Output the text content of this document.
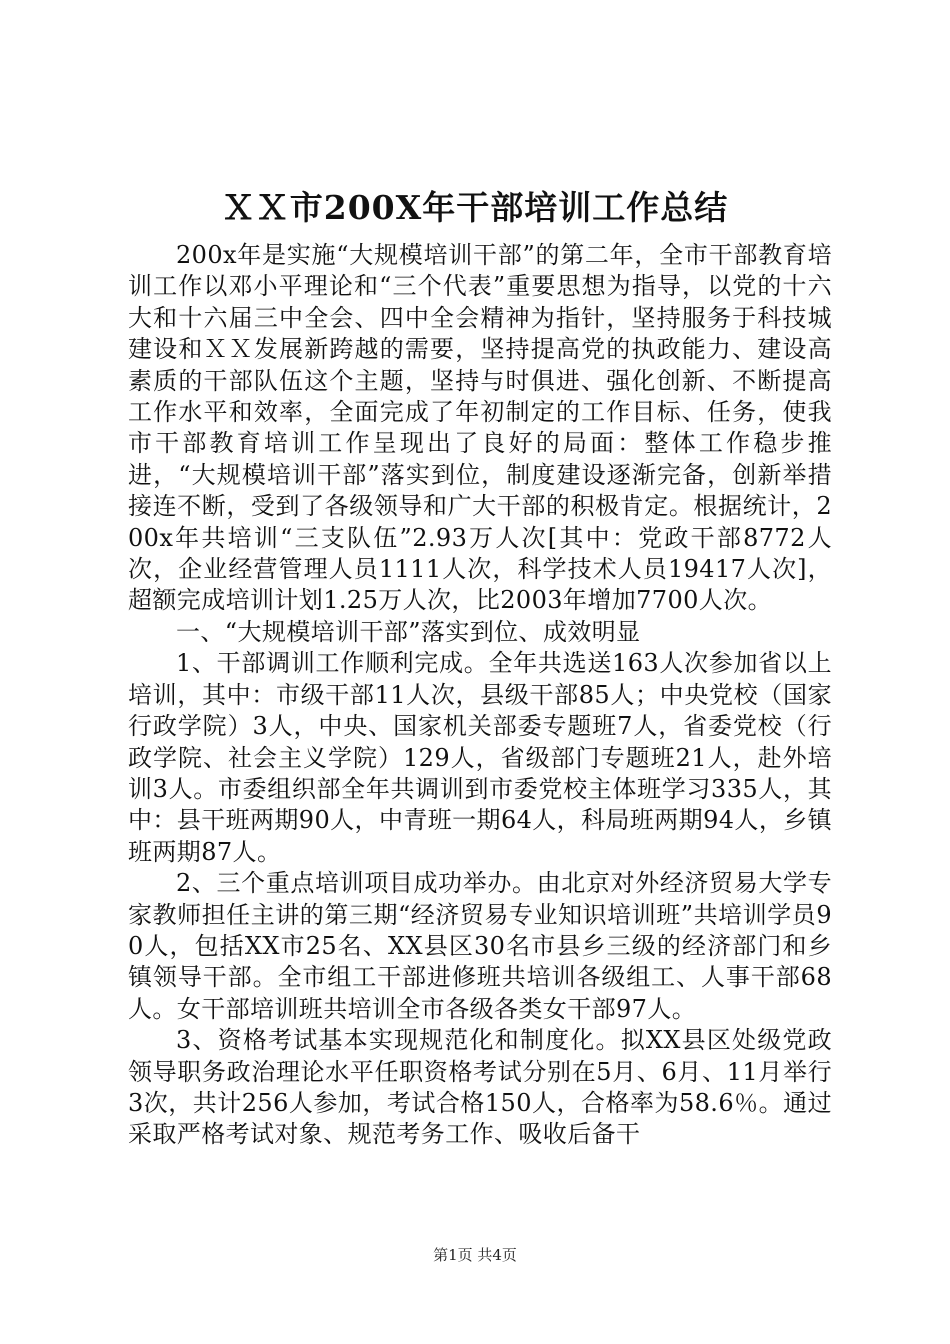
ＸＸ市200X年干部培训工作总结

200x年是实施“大规模培训干部”的第二年，全市干部教育培训工作以邓小平理论和“三个代表”重要思想为指导，以党的十六大和十六届三中全会、四中全会精神为指针，坚持服务于科技城建设和ＸＸ发展新跨越的需要，坚持提高党的执政能力、建设高素质的干部队伍这个主题，坚持与时俱进、强化创新、不断提高工作水平和效率，全面完成了年初制定的工作目标、任务，使我市干部教育培训工作呈现出了良好的局面：整体工作稳步推进，“大规模培训干部”落实到位，制度建设逐渐完备，创新举措接连不断，受到了各级领导和广大干部的积极肯定。根据统计，200x年共培训“三支队伍”2.93万人次[其中：党政干部8772人次，企业经营管理人员1111人次，科学技术人员19417人次]，超额完成培训计划1.25万人次，比2003年增加7700人次。

一、“大规模培训干部”落实到位、成效明显

1、干部调训工作顺利完成。全年共选送163人次参加省以上培训，其中：市级干部11人次，县级干部85人；中央党校（国家行政学院）3人，中央、国家机关部委专题班7人，省委党校（行政学院、社会主义学院）129人，省级部门专题班21人，赴外培训3人。市委组织部全年共调训到市委党校主体班学习335人，其中：县干班两期90人，中青班一期64人，科局班两期94人，乡镇班两期87人。

2、三个重点培训项目成功举办。由北京对外经济贸易大学专家教师担任主讲的第三期“经济贸易专业知识培训班”共培训学员90人，包括XX市25名、XX县区30名市县乡三级的经济部门和乡镇领导干部。全市组工干部进修班共培训各级组工、人事干部68人。女干部培训班共培训全市各级各类女干部97人。

3、资格考试基本实现规范化和制度化。拟XX县区处级党政领导职务政治理论水平任职资格考试分别在5月、6月、11月举行3次，共计256人参加，考试合格150人，合格率为58.6％。通过采取严格考试对象、规范考务工作、吸收后备干

第1页 共4页
